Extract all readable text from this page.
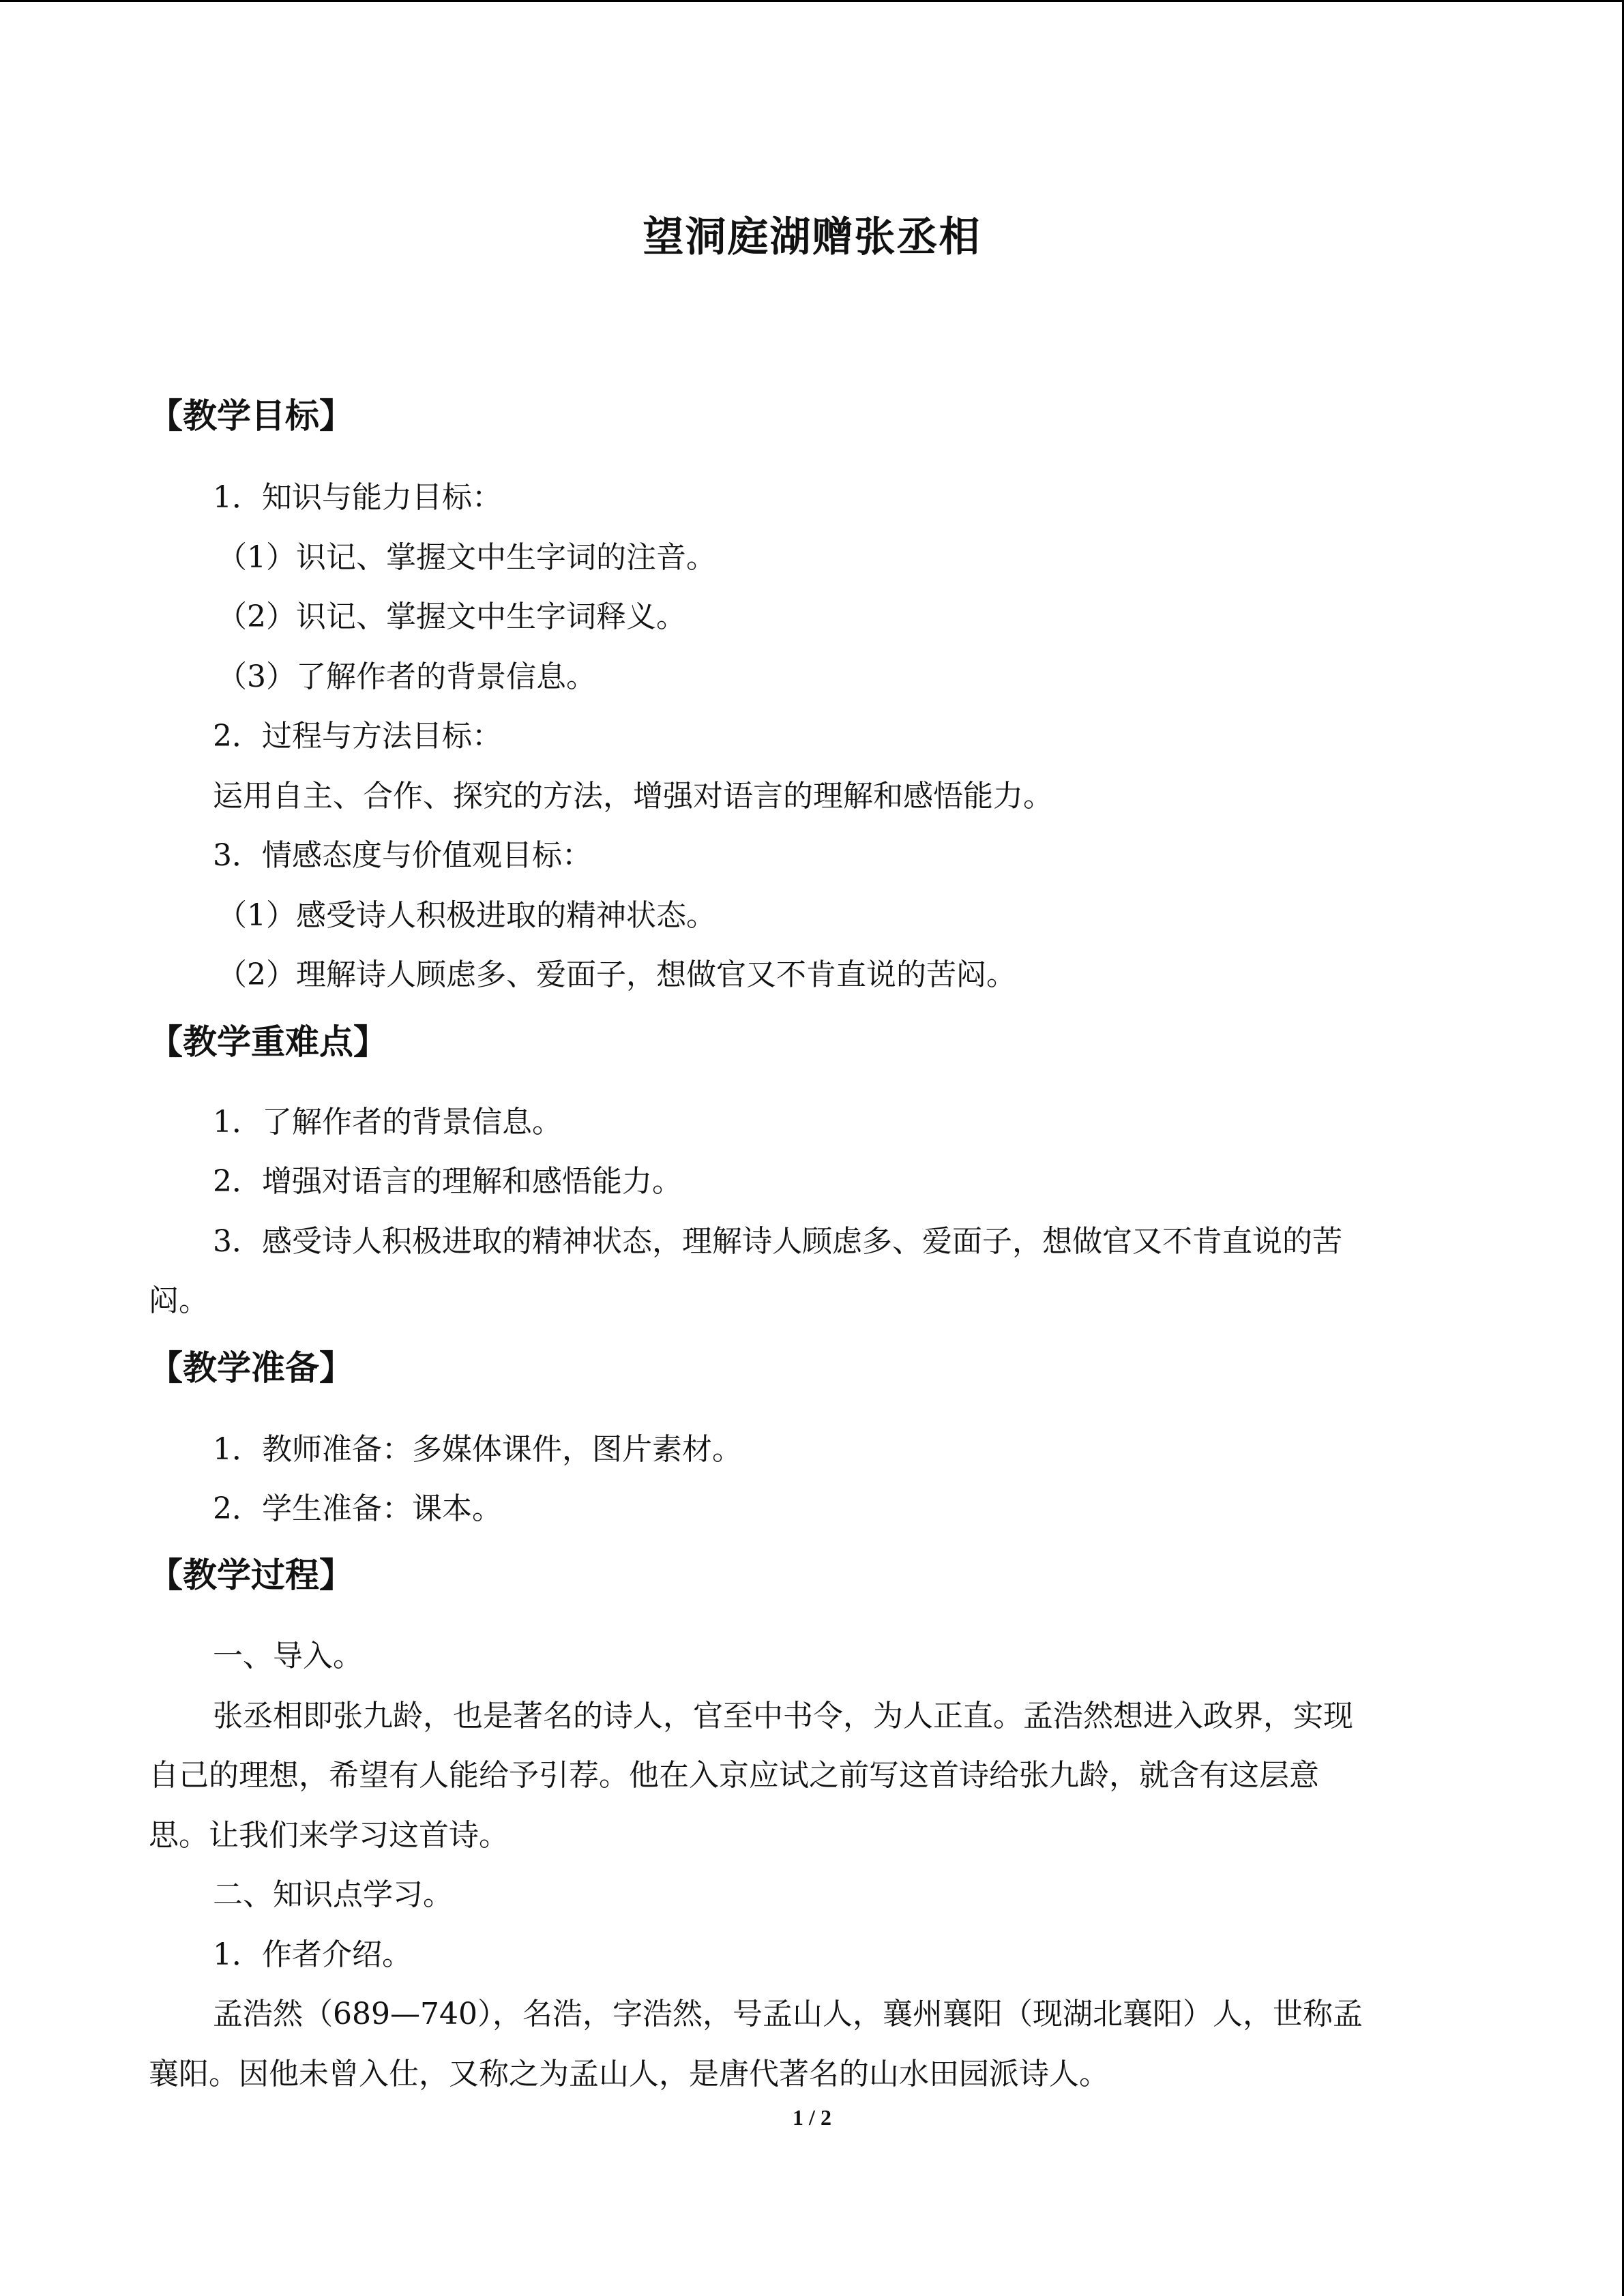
望洞庭湖赠张丞相
【教学目标】
1．知识与能力目标：
（1）识记、掌握文中生字词的注音。
（2）识记、掌握文中生字词释义。
（3）了解作者的背景信息。
2．过程与方法目标：
运用自主、合作、探究的方法，增强对语言的理解和感悟能力。
3．情感态度与价值观目标：
（1）感受诗人积极进取的精神状态。
（2）理解诗人顾虑多、爱面子，想做官又不肯直说的苦闷。
【教学重难点】
1．了解作者的背景信息。
2．增强对语言的理解和感悟能力。
3．感受诗人积极进取的精神状态，理解诗人顾虑多、爱面子，想做官又不肯直说的苦
闷。
【教学准备】
1．教师准备：多媒体课件，图片素材。
2．学生准备：课本。
【教学过程】
一、导入。
张丞相即张九龄，也是著名的诗人，官至中书令，为人正直。孟浩然想进入政界，实现
自己的理想，希望有人能给予引荐。他在入京应试之前写这首诗给张九龄，就含有这层意
思。让我们来学习这首诗。
二、知识点学习。
1．作者介绍。
孟浩然（689—740），名浩，字浩然，号孟山人，襄州襄阳（现湖北襄阳）人，世称孟
襄阳。因他未曾入仕，又称之为孟山人，是唐代著名的山水田园派诗人。
1 / 2
